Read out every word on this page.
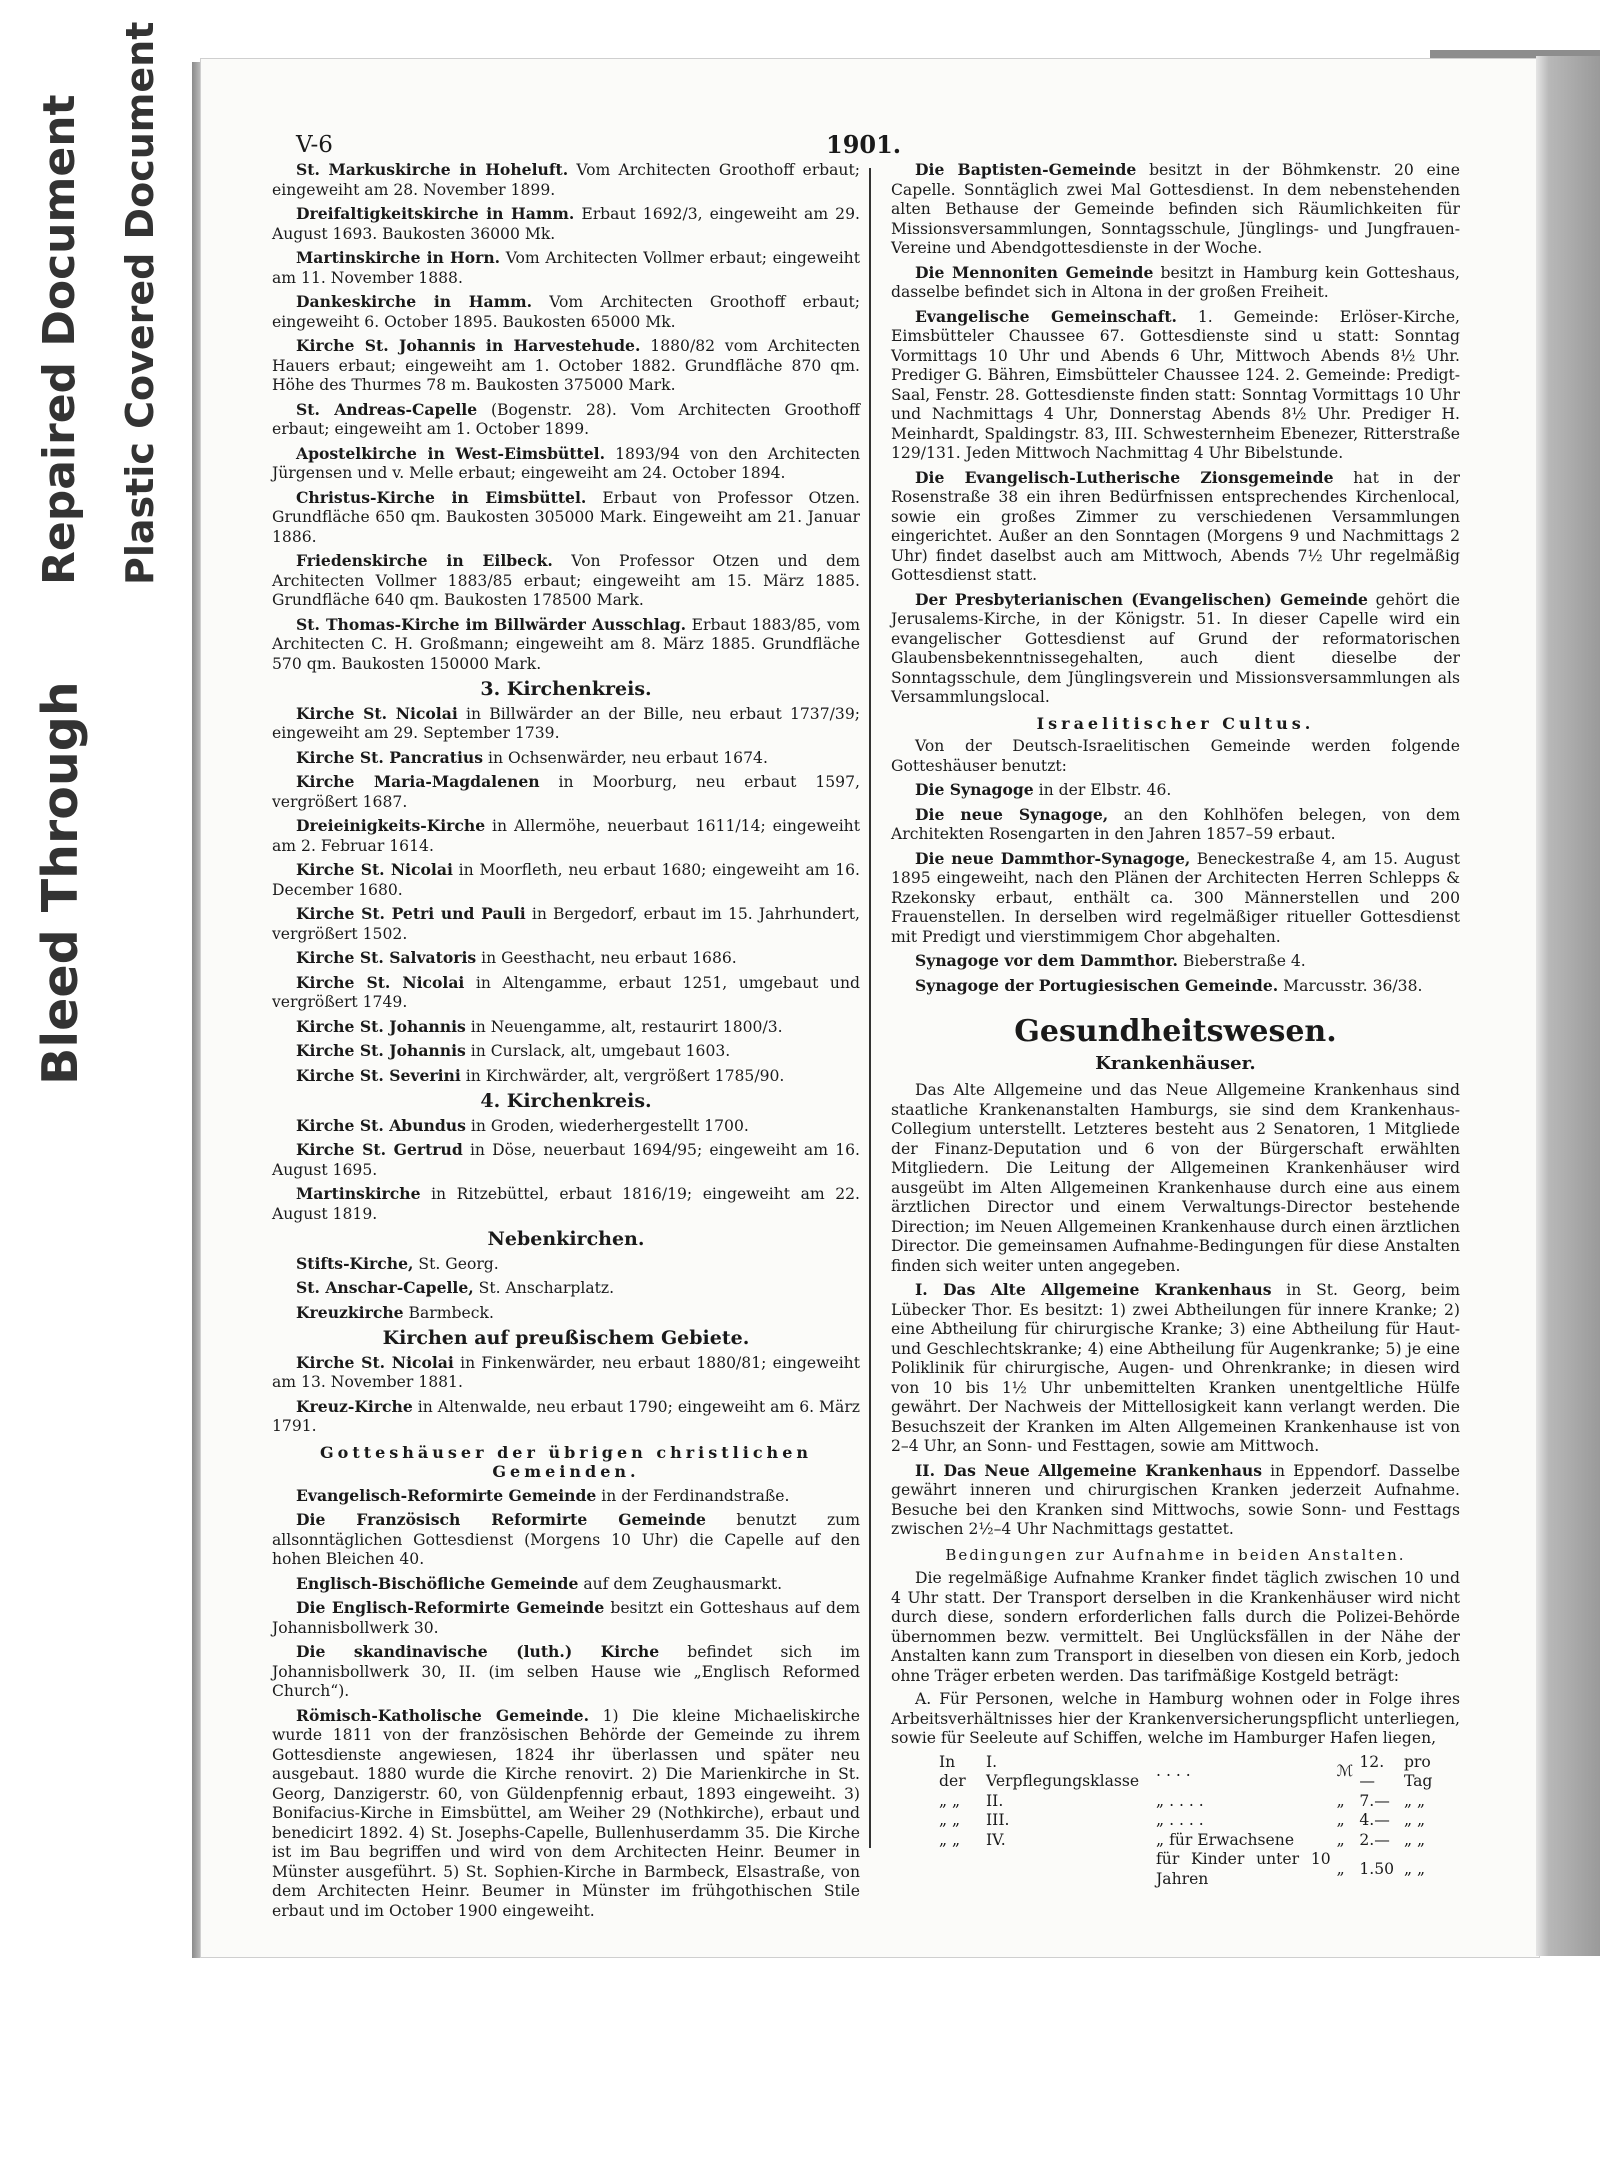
Bleed Through
Repaired Document Plastic Covered Document	V-6	1901.

St. Markuskirche in Hoheluft. Vom Architecten Groothoff erbaut; eingeweiht am 28. November 1899.

Dreifaltigkeitskirche in Hamm. Erbaut 1692/3, eingeweiht am 29. August 1693. Baukosten 36000 Mk.

Martinskirche in Horn. Vom Architecten Vollmer erbaut; eingeweiht am 11. November 1888.

Dankeskirche in Hamm. Vom Architecten Groothoff erbaut; eingeweiht 6. October 1895. Baukosten 65000 Mk.

Kirche St. Johannis in Harvestehude. 1880/82 vom Architecten Hauers erbaut; eingeweiht am 1. October 1882. Grundfläche 870 qm. Höhe des Thurmes 78 m. Baukosten 375000 Mark.

St. Andreas-Capelle (Bogenstr. 28). Vom Architecten Groothoff erbaut; eingeweiht am 1. October 1899.

Apostelkirche in West-Eimsbüttel. 1893/94 von den Architecten Jürgensen und v. Melle erbaut; eingeweiht am 24. October 1894.

Christus-Kirche in Eimsbüttel. Erbaut von Professor Otzen. Grundfläche 650 qm. Baukosten 305000 Mark. Eingeweiht am 21. Januar 1886.

Friedenskirche in Eilbeck. Von Professor Otzen und dem Architecten Vollmer 1883/85 erbaut; eingeweiht am 15. März 1885. Grundfläche 640 qm. Baukosten 178500 Mark.

St. Thomas-Kirche im Billwärder Ausschlag. Erbaut 1883/85, vom Architecten C. H. Großmann; eingeweiht am 8. März 1885. Grundfläche 570 qm. Baukosten 150000 Mark.

3. Kirchenkreis.

Kirche St. Nicolai in Billwärder an der Bille, neu erbaut 1737/39; eingeweiht am 29. September 1739.

Kirche St. Pancratius in Ochsenwärder, neu erbaut 1674.

Kirche Maria-Magdalenen in Moorburg, neu erbaut 1597, vergrößert 1687.

Dreieinigkeits-Kirche in Allermöhe, neuerbaut 1611/14; eingeweiht am 2. Februar 1614.

Kirche St. Nicolai in Moorfleth, neu erbaut 1680; eingeweiht am 16. December 1680.

Kirche St. Petri und Pauli in Bergedorf, erbaut im 15. Jahrhundert, vergrößert 1502.

Kirche St. Salvatoris in Geesthacht, neu erbaut 1686.

Kirche St. Nicolai in Altengamme, erbaut 1251, umgebaut und vergrößert 1749.

Kirche St. Johannis in Neuengamme, alt, restaurirt 1800/3.

Kirche St. Johannis in Curslack, alt, umgebaut 1603.

Kirche St. Severini in Kirchwärder, alt, vergrößert 1785/90.

4. Kirchenkreis.

Kirche St. Abundus in Groden, wiederhergestellt 1700.

Kirche St. Gertrud in Döse, neuerbaut 1694/95; eingeweiht am 16. August 1695.

Martinskirche in Ritzebüttel, erbaut 1816/19; eingeweiht am 22. August 1819.

Nebenkirchen.

Stifts-Kirche, St. Georg.

St. Anschar-Capelle, St. Anscharplatz.

Kreuzkirche Barmbeck.

Kirchen auf preußischem Gebiete.

Kirche St. Nicolai in Finkenwärder, neu erbaut 1880/81; eingeweiht am 13. November 1881.

Kreuz-Kirche in Altenwalde, neu erbaut 1790; eingeweiht am 6. März 1791.

Gotteshäuser der übrigen christlichen Gemeinden.

Evangelisch-Reformirte Gemeinde in der Ferdinandstraße.

Die Französisch Reformirte Gemeinde benutzt zum allsonntäglichen Gottesdienst (Morgens 10 Uhr) die Capelle auf den hohen Bleichen 40.

Englisch-Bischöfliche Gemeinde auf dem Zeughausmarkt.

Die Englisch-Reformirte Gemeinde besitzt ein Gotteshaus auf dem Johannisbollwerk 30.

Die skandinavische (luth.) Kirche befindet sich im Johannisbollwerk 30, II. (im selben Hause wie „Englisch Reformed Church“).

Römisch-Katholische Gemeinde. 1) Die kleine Michaeliskirche wurde 1811 von der französischen Behörde der Gemeinde zu ihrem Gottesdienste angewiesen, 1824 ihr überlassen und später neu ausgebaut. 1880 wurde die Kirche renovirt. 2) Die Marienkirche in St. Georg, Danzigerstr. 60, von Güldenpfennig erbaut, 1893 eingeweiht. 3) Bonifacius-Kirche in Eimsbüttel, am Weiher 29 (Nothkirche), erbaut und benedicirt 1892. 4) St. Josephs-Capelle, Bullenhuserdamm 35. Die Kirche ist im Bau begriffen und wird von dem Architecten Heinr. Beumer in Münster ausgeführt. 5) St. Sophien-Kirche in Barmbeck, Elsastraße, von dem Architecten Heinr. Beumer in Münster im frühgothischen Stile erbaut und im October 1900 eingeweiht.

Die Baptisten-Gemeinde besitzt in der Böhmkenstr. 20 eine Capelle. Sonntäglich zwei Mal Gottesdienst. In dem nebenstehenden alten Bethause der Gemeinde befinden sich Räumlichkeiten für Missionsversammlungen, Sonntagsschule, Jünglings- und Jungfrauen-Vereine und Abendgottesdienste in der Woche.

Die Mennoniten Gemeinde besitzt in Hamburg kein Gotteshaus, dasselbe befindet sich in Altona in der großen Freiheit.

Evangelische Gemeinschaft. 1. Gemeinde: Erlöser-Kirche, Eimsbütteler Chaussee 67. Gottesdienste sind u statt: Sonntag Vormittags 10 Uhr und Abends 6 Uhr, Mittwoch Abends 8½ Uhr. Prediger G. Bähren, Eimsbütteler Chaussee 124. 2. Gemeinde: Predigt-Saal, Fenstr. 28. Gottesdienste finden statt: Sonntag Vormittags 10 Uhr und Nachmittags 4 Uhr, Donnerstag Abends 8½ Uhr. Prediger H. Meinhardt, Spaldingstr. 83, III. Schwesternheim Ebenezer, Ritterstraße 129/131. Jeden Mittwoch Nachmittag 4 Uhr Bibelstunde.

Die Evangelisch-Lutherische Zionsgemeinde hat in der Rosenstraße 38 ein ihren Bedürfnissen entsprechendes Kirchenlocal, sowie ein großes Zimmer zu verschiedenen Versammlungen eingerichtet. Außer an den Sonntagen (Morgens 9 und Nachmittags 2 Uhr) findet daselbst auch am Mittwoch, Abends 7½ Uhr regelmäßig Gottesdienst statt.

Der Presbyterianischen (Evangelischen) Gemeinde gehört die Jerusalems-Kirche, in der Königstr. 51. In dieser Capelle wird ein evangelischer Gottesdienst auf Grund der reformatorischen Glaubensbekenntnissegehalten, auch dient dieselbe der Sonntagsschule, dem Jünglingsverein und Missionsversammlungen als Versammlungslocal.

Israelitischer Cultus.

Von der Deutsch-Israelitischen Gemeinde werden folgende Gotteshäuser benutzt:

Die Synagoge in der Elbstr. 46.

Die neue Synagoge, an den Kohlhöfen belegen, von dem Architekten Rosengarten in den Jahren 1857–59 erbaut.

Die neue Dammthor-Synagoge, Beneckestraße 4, am 15. August 1895 eingeweiht, nach den Plänen der Architecten Herren Schlepps & Rzekonsky erbaut, enthält ca. 300 Männerstellen und 200 Frauenstellen. In derselben wird regelmäßiger ritueller Gottesdienst mit Predigt und vierstimmigem Chor abgehalten.

Synagoge vor dem Dammthor. Bieberstraße 4.

Synagoge der Portugiesischen Gemeinde. Marcusstr. 36/38.

Gesundheitswesen.
Krankenhäuser.

Das Alte Allgemeine und das Neue Allgemeine Krankenhaus sind staatliche Krankenanstalten Hamburgs, sie sind dem Krankenhaus-Collegium unterstellt. Letzteres besteht aus 2 Senatoren, 1 Mitgliede der Finanz-Deputation und 6 von der Bürgerschaft erwählten Mitgliedern. Die Leitung der Allgemeinen Krankenhäuser wird ausgeübt im Alten Allgemeinen Krankenhause durch eine aus einem ärztlichen Director und einem Verwaltungs-Director bestehende Direction; im Neuen Allgemeinen Krankenhause durch einen ärztlichen Director. Die gemeinsamen Aufnahme-Bedingungen für diese Anstalten finden sich weiter unten angegeben.

I. Das Alte Allgemeine Krankenhaus in St. Georg, beim Lübecker Thor. Es besitzt: 1) zwei Abtheilungen für innere Kranke; 2) eine Abtheilung für chirurgische Kranke; 3) eine Abtheilung für Haut- und Geschlechtskranke; 4) eine Abtheilung für Augenkranke; 5) je eine Poliklinik für chirurgische, Augen- und Ohrenkranke; in diesen wird von 10 bis 1½ Uhr unbemittelten Kranken unentgeltliche Hülfe gewährt. Der Nachweis der Mittellosigkeit kann verlangt werden. Die Besuchszeit der Kranken im Alten Allgemeinen Krankenhause ist von 2–4 Uhr, an Sonn- und Festtagen, sowie am Mittwoch.

II. Das Neue Allgemeine Krankenhaus in Eppendorf. Dasselbe gewährt inneren und chirurgischen Kranken jederzeit Aufnahme. Besuche bei den Kranken sind Mittwochs, sowie Sonn- und Festtags zwischen 2½–4 Uhr Nachmittags gestattet.

Bedingungen zur Aufnahme in beiden Anstalten.

Die regelmäßige Aufnahme Kranker findet täglich zwischen 10 und 4 Uhr statt. Der Transport derselben in die Krankenhäuser wird nicht durch diese, sondern erforderlichen falls durch die Polizei-Behörde übernommen bezw. vermittelt. Bei Unglücksfällen in der Nähe der Anstalten kann zum Transport in dieselben von diesen ein Korb, jedoch ohne Träger erbeten werden. Das tarifmäßige Kostgeld beträgt:

A. Für Personen, welche in Hamburg wohnen oder in Folge ihres Arbeitsverhältnisses hier der Krankenversicherungspflicht unterliegen, sowie für Seeleute auf Schiffen, welche im Hamburger Hafen liegen,

In der	I. Verpflegungsklasse	. . . .	ℳ	12.—	pro Tag
„ „	II.	„ . . . .	„	7.—	„ „
„ „	III.	„ . . . .	„	4.—	„ „
„ „	IV.	„ für Erwachsene	„	2.—	„ „
		für Kinder unter 10 Jahren	„	1.50	„ „
